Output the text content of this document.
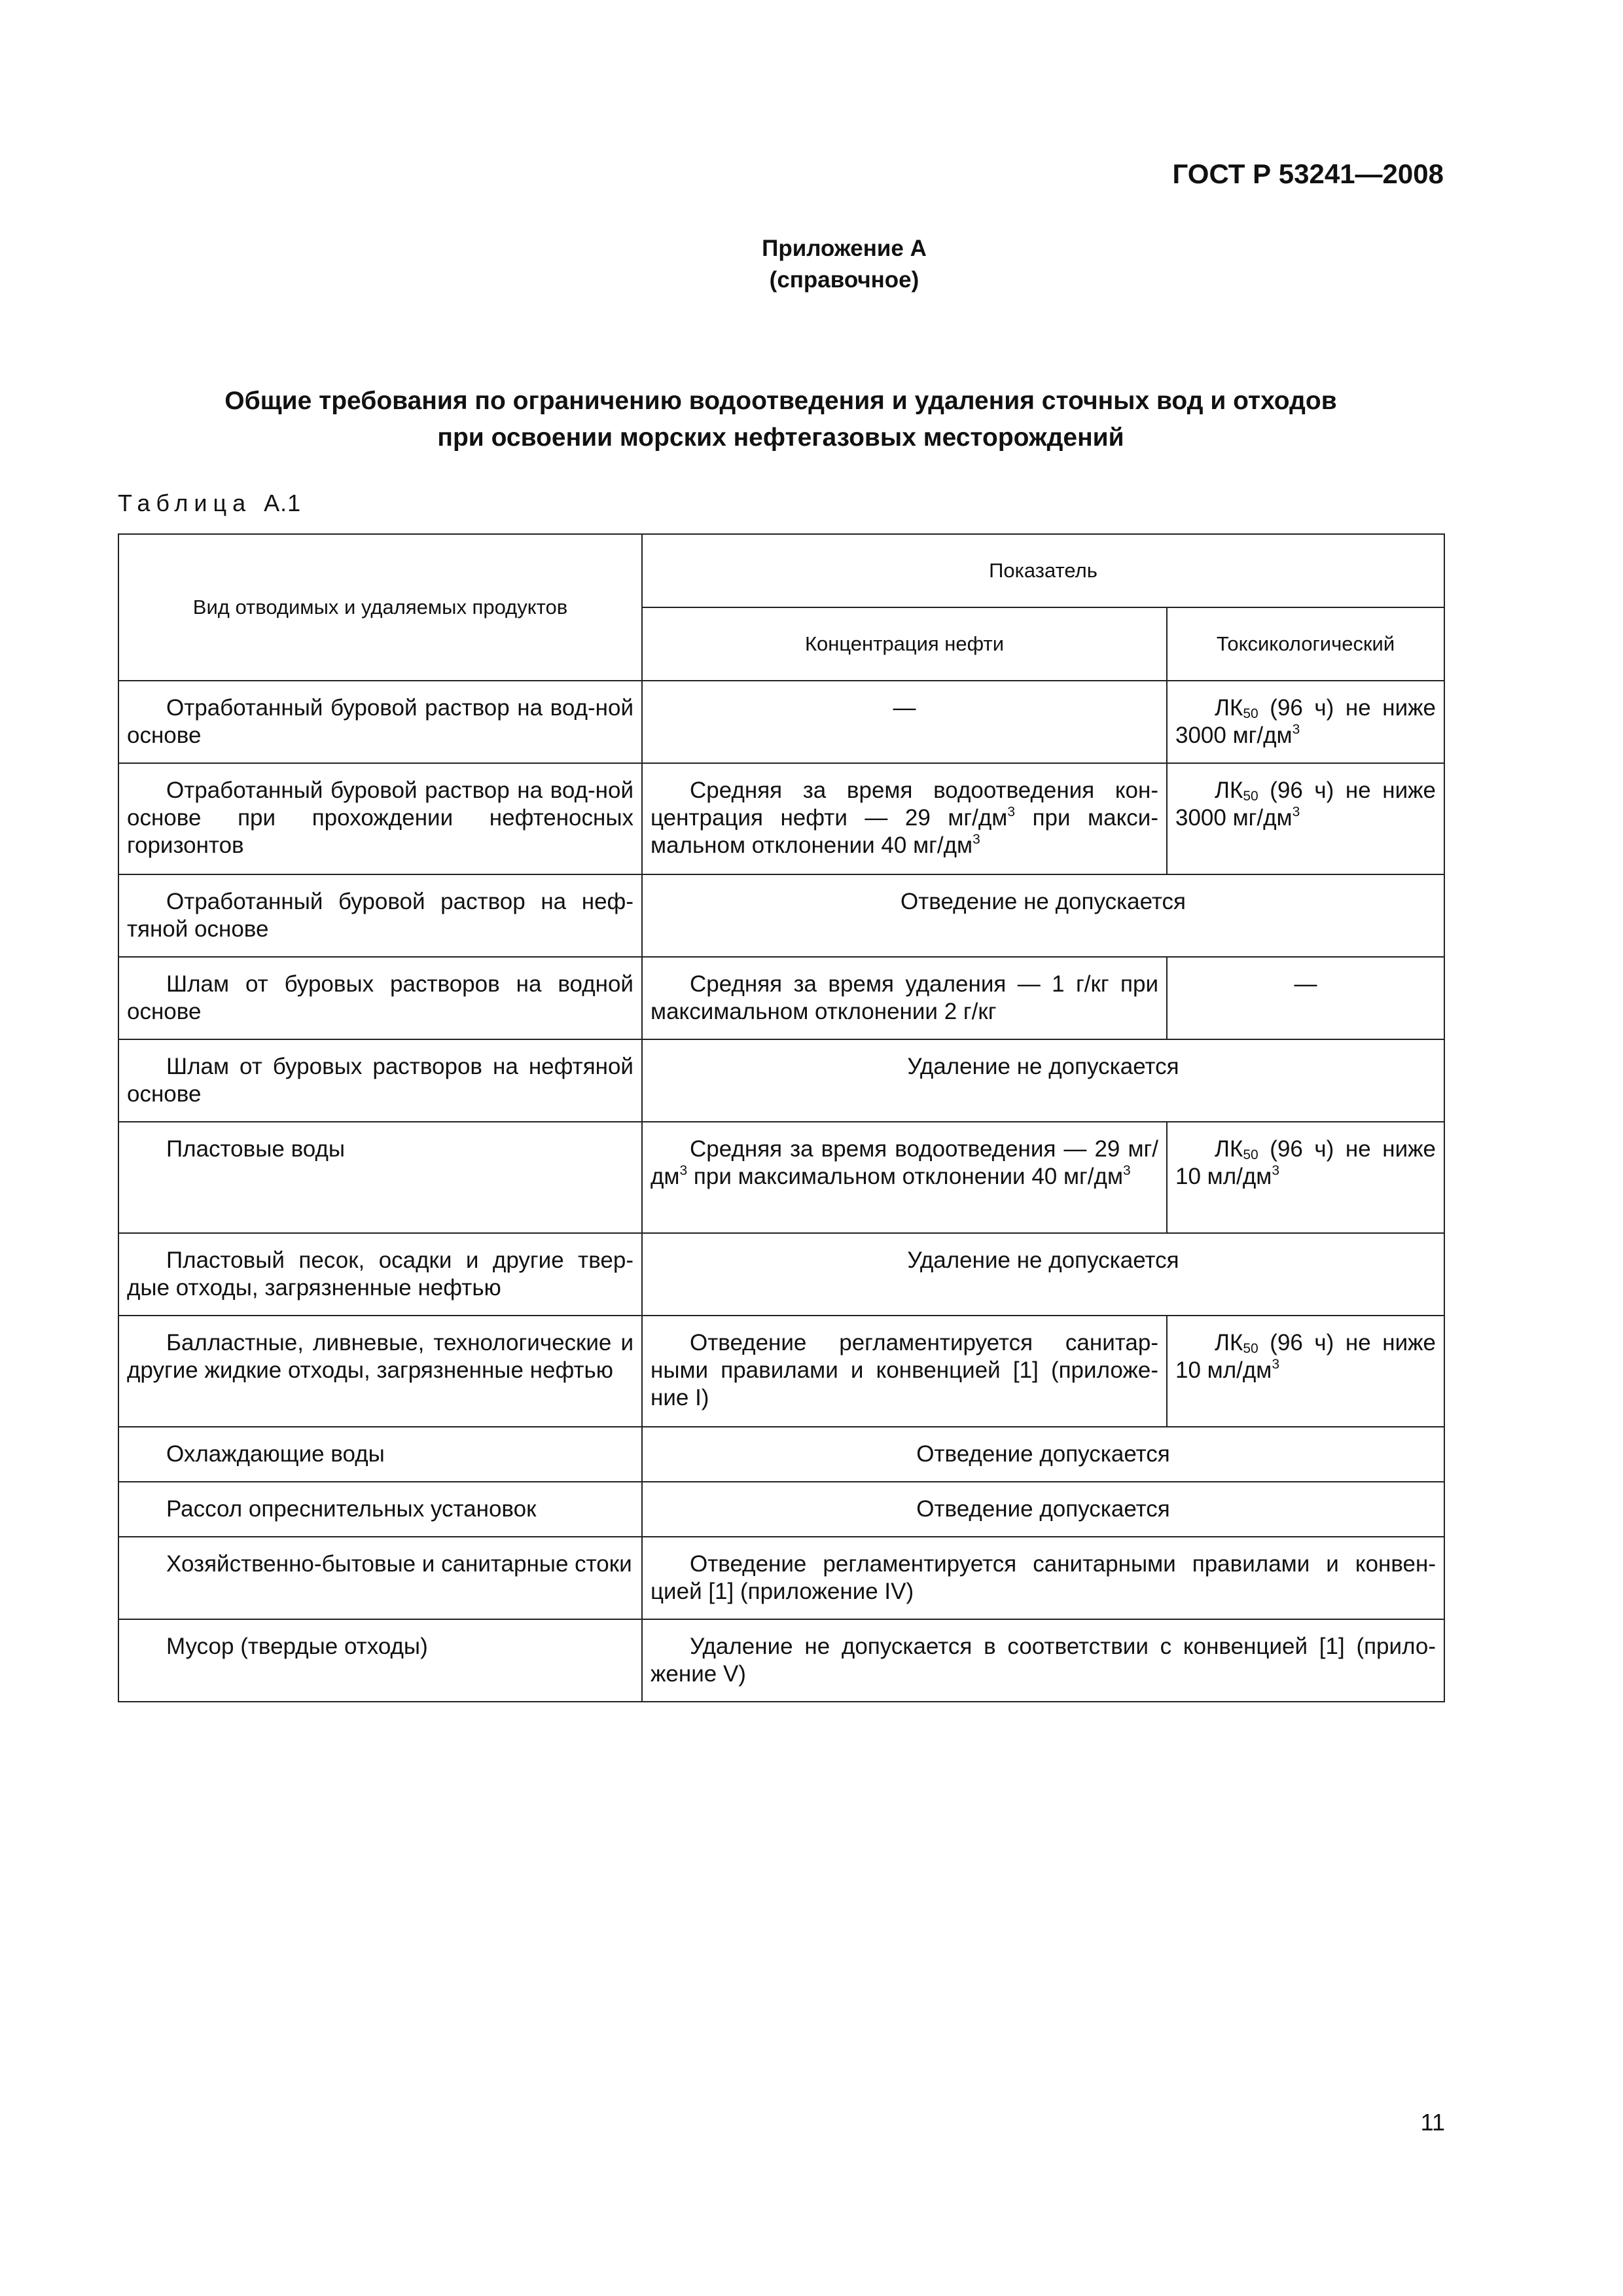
ГОСТ Р 53241—2008
Приложение А
(справочное)
Общие требования по ограничению водоотведения и удаления сточных вод и отходов
при освоении морских нефтегазовых месторождений
Таблица А.1
Вид отводимых и удаляемых продуктов	Показатель	
	Концентрация нефти	Токсикологический
Отработанный буровой раствор на вод-ной основе	—	$ЛК_{50}$ (96 ч) не ниже 3000 $мг/дм^3$
Отработанный буровой раствор на вод-ной основе при прохождении нефтеносных горизонтов	Средняя за время водоотведения кон-центрация нефти — 29 $мг/дм^3$ при макси-мальном отклонении 40 $мг/дм^3$	$ЛК_{50}$ (96 ч) не ниже 3000 $мг/дм^3$
Отработанный буровой раствор на неф-тяной основе	Отведение не допускается	
Шлам от буровых растворов на водной основе	Средняя за время удаления — 1 г/кг при максимальном отклонении 2 г/кг	—
Шлам от буровых растворов на нефтяной основе	Удаление не допускается	
Пластовые воды	Средняя за время водоотведения — 29 $мг/дм^3$ при максимальном отклонении 40 $мг/дм^3$	$ЛК_{50}$ (96 ч) не ниже 10 $мл/дм^3$
Пластовый песок, осадки и другие твер-дые отходы, загрязненные нефтью	Удаление не допускается	
Балластные, ливневые, технологические и другие жидкие отходы, загрязненные нефтью	Отведение регламентируется санитар-ными правилами и конвенцией [1] (приложе-ние I)	$ЛК_{50}$ (96 ч) не ниже 10 $мл/дм^3$
Охлаждающие воды	Отведение допускается	
Рассол опреснительных установок	Отведение допускается	
Хозяйственно-бытовые и санитарные стоки	Отведение регламентируется санитарными правилами и конвен-цией [1] (приложение IV)	
Мусор (твердые отходы)	Удаление не допускается в соответствии с конвенцией [1] (прило-жение V)	
11
